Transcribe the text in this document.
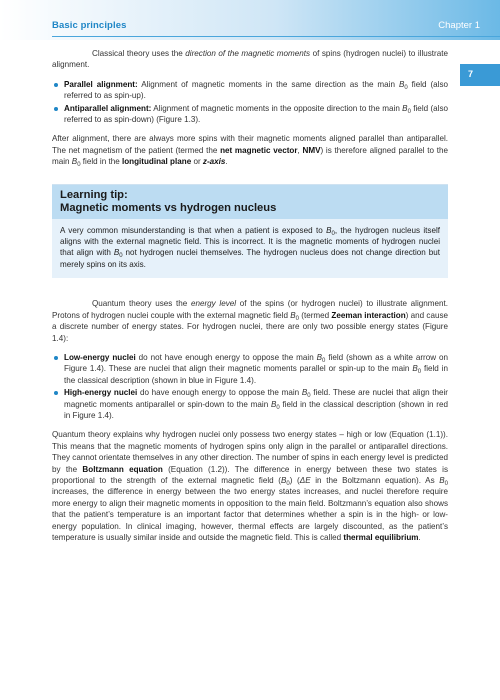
Basic principles	Chapter 1
7

Classical theory uses the direction of the magnetic moments of spins (hydrogen nuclei) to illustrate alignment.

Parallel alignment: Alignment of magnetic moments in the same direction as the main $B_0$ field (also referred to as spin-up).
Antiparallel alignment: Alignment of magnetic moments in the opposite direction to the main $B_0$ field (also referred to as spin-down) (Figure 1.3).

After alignment, there are always more spins with their magnetic moments aligned parallel than antiparallel. The net magnetism of the patient (termed the net magnetic vector, NMV) is therefore aligned parallel to the main $B_0$ field in the longitudinal plane or z-axis.

Learning tip:
Magnetic moments vs hydrogen nucleus
A very common misunderstanding is that when a patient is exposed to $B_0$, the hydrogen nucleus itself aligns with the external magnetic field. This is incorrect. It is the magnetic moments of hydrogen nuclei that align with $B_0$ not hydrogen nuclei themselves. The hydrogen nucleus does not change direction but merely spins on its axis.

Quantum theory uses the energy level of the spins (or hydrogen nuclei) to illustrate alignment. Protons of hydrogen nuclei couple with the external magnetic field $B_0$ (termed Zeeman interaction) and cause a discrete number of energy states. For hydrogen nuclei, there are only two possible energy states (Figure 1.4):

Low-energy nuclei do not have enough energy to oppose the main $B_0$ field (shown as a white arrow on Figure 1.4). These are nuclei that align their magnetic moments parallel or spin-up to the main $B_0$ field in the classical description (shown in blue in Figure 1.4).
High-energy nuclei do have enough energy to oppose the main $B_0$ field. These are nuclei that align their magnetic moments antiparallel or spin-down to the main $B_0$ field in the classical description (shown in red in Figure 1.4).

Quantum theory explains why hydrogen nuclei only possess two energy states – high or low (Equation (1.1)). This means that the magnetic moments of hydrogen spins only align in the parallel or antiparallel directions. They cannot orientate themselves in any other direction. The number of spins in each energy level is predicted by the Boltzmann equation (Equation (1.2)). The difference in energy between these two states is proportional to the strength of the external magnetic field $(B_0)$ (ΔE in the Boltzmann equation). As $B_0$ increases, the difference in energy between the two energy states increases, and nuclei therefore require more energy to align their magnetic moments in opposition to the main field. Boltzmann’s equation also shows that the patient’s temperature is an important factor that determines whether a spin is in the high- or low-energy population. In clinical imaging, however, thermal effects are largely discounted, as the patient’s temperature is usually similar inside and outside the magnetic field. This is called thermal equilibrium.
